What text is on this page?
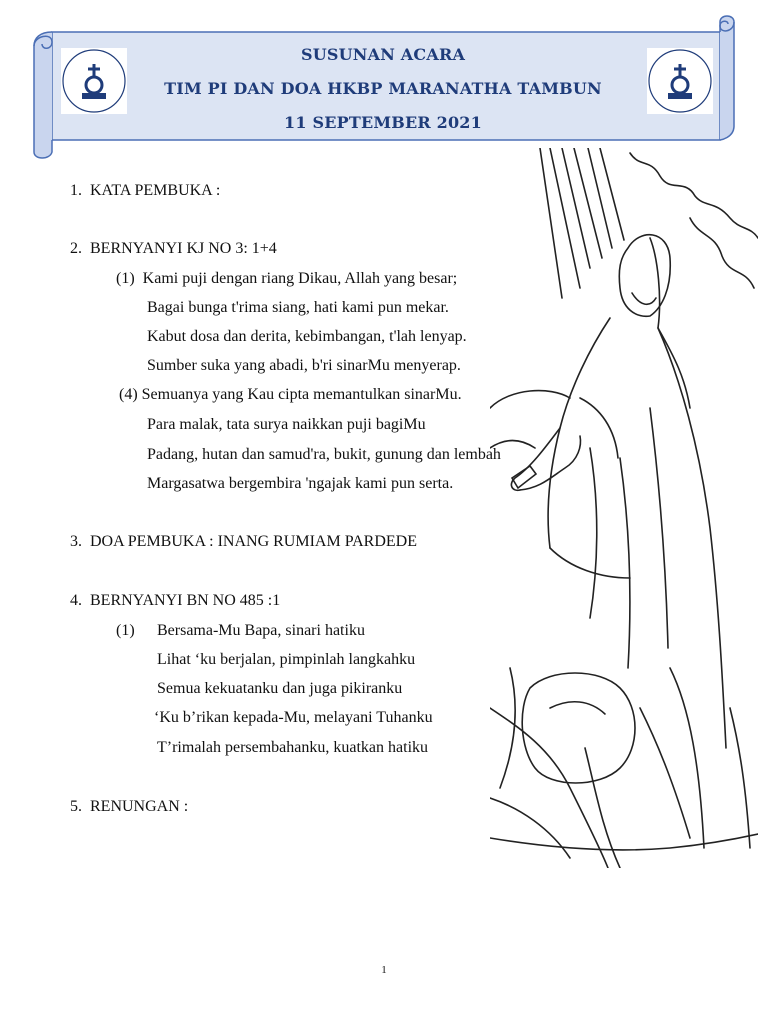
SUSUNAN ACARA
TIM PI DAN DOA HKBP MARANATHA TAMBUN
11 SEPTEMBER 2021
1. KATA PEMBUKA :
2. BERNYANYI KJ NO 3: 1+4
(1) Kami puji dengan riang Dikau, Allah yang besar;
Bagai bunga t'rima siang, hati kami pun mekar.
Kabut dosa dan derita, kebimbangan, t'lah lenyap.
Sumber suka yang abadi, b'ri sinarMu menyerap.
(4) Semuanya yang Kau cipta memantulkan sinarMu.
Para malak, tata surya naikkan puji bagiMu
Padang, hutan dan samud'ra, bukit, gunung dan lembah
Margasatwa bergembira 'ngajak kami pun serta.
3. DOA PEMBUKA : INANG RUMIAM PARDEDE
4. BERNYANYI BN NO 485 :1
(1) Bersama-Mu Bapa, sinari hatiku
Lihat ‘ku berjalan, pimpinlah langkahku
Semua kekuatanku dan juga pikiranku
‘Ku b’rikan kepada-Mu, melayani Tuhanku
T’rimalah persembahanku, kuatkan hatiku
5. RENUNGAN :
1
